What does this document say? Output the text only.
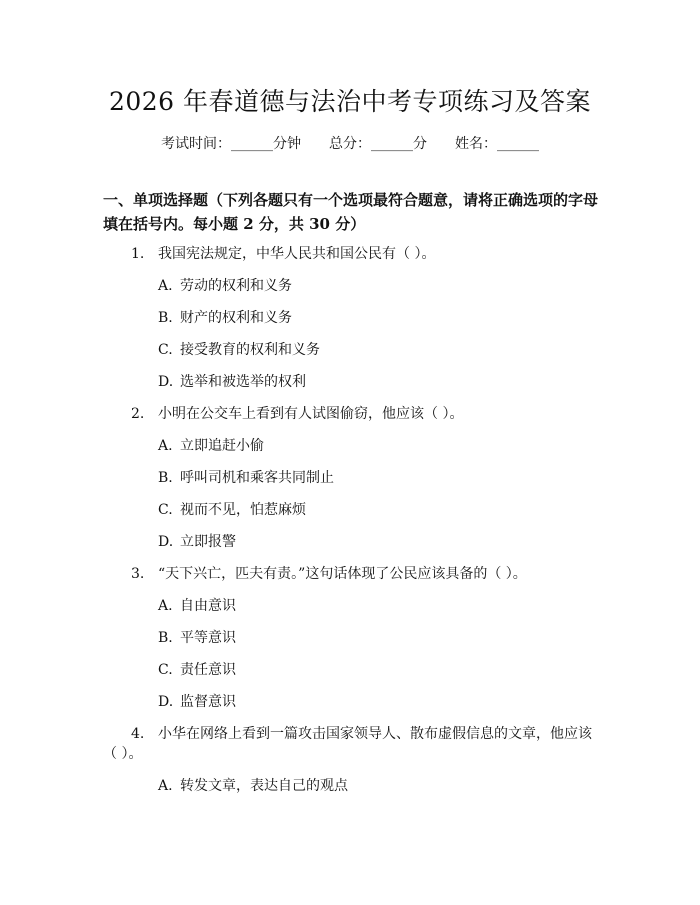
2026 年春道德与法治中考专项练习及答案
考试时间：______分钟 总分：______分 姓名：______
一、单项选择题（下列各题只有一个选项最符合题意，请将正确选项的字母填在括号内。每小题 2 分，共 30 分）
1. 我国宪法规定，中华人民共和国公民有（ ）。
A. 劳动的权利和义务
B. 财产的权利和义务
C. 接受教育的权利和义务
D. 选举和被选举的权利
2. 小明在公交车上看到有人试图偷窃，他应该（ ）。
A. 立即追赶小偷
B. 呼叫司机和乘客共同制止
C. 视而不见，怕惹麻烦
D. 立即报警
3. “天下兴亡，匹夫有责。”这句话体现了公民应该具备的（ ）。
A. 自由意识
B. 平等意识
C. 责任意识
D. 监督意识
4. 小华在网络上看到一篇攻击国家领导人、散布虚假信息的文章，他应该
（ ）。
A. 转发文章，表达自己的观点
